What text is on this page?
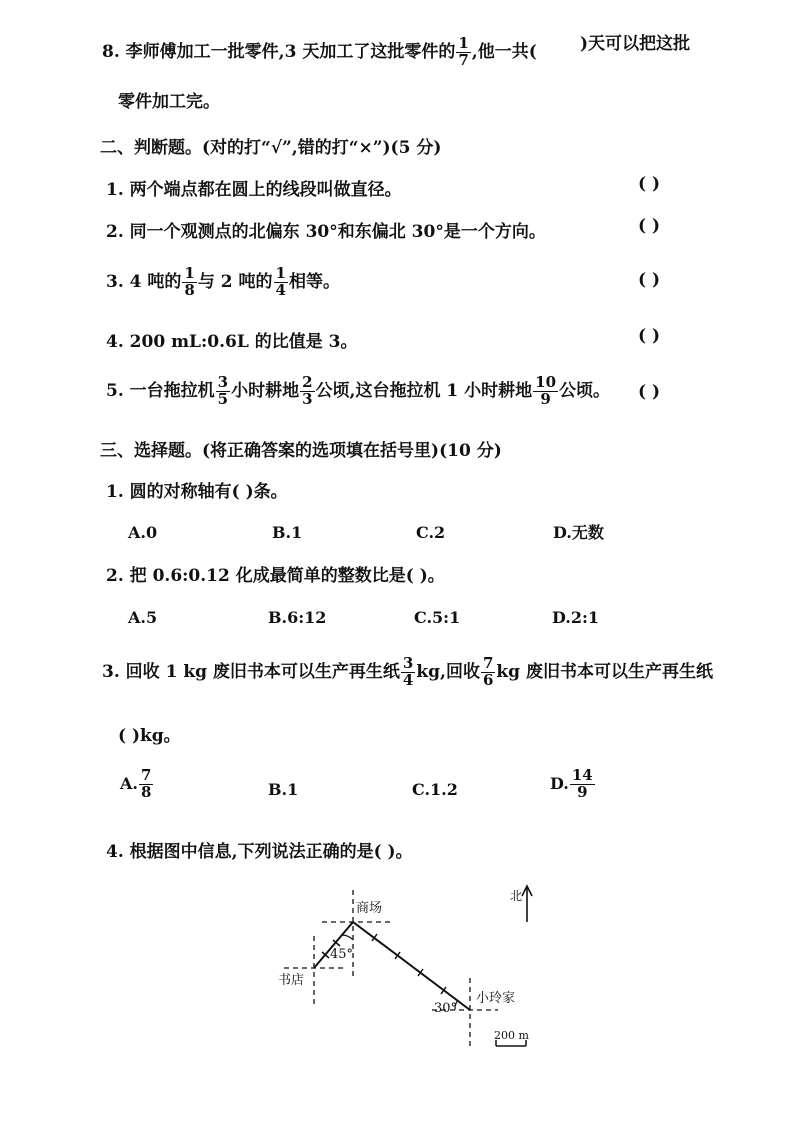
8. 李师傅加工一批零件,3 天加工了这批零件的 $\frac{1}{7}$ ,他一共(	)天可以把这批
零件加工完。
二、判断题。(对的打“√”,错的打“×”)(5 分)
1. 两个端点都在圆上的线段叫做直径。	( )
2. 同一个观测点的北偏东 30°和东偏北 30°是一个方向。	( )
3. 4 吨的 $\frac{1}{8}$ 与 2 吨的 $\frac{1}{4}$ 相等。	( )
4. 200 mL:0.6L 的比值是 3。	( )
5. 一台拖拉机 $\frac{3}{5}$ 小时耕地 $\frac{2}{3}$ 公顷,这台拖拉机 1 小时耕地 $\frac{10}{9}$ 公顷。 ( )
三、选择题。(将正确答案的选项填在括号里)(10 分)
1. 圆的对称轴有( )条。
A.0	B.1	C.2	D.无数
2. 把 0.6:0.12 化成最简单的整数比是( )。
A.5	B.6:12	C.5:1	D.2:1
3. 回收 1 kg 废旧书本可以生产再生纸 $\frac{3}{4}$ kg,回收 $\frac{7}{6}$ kg 废旧书本可以生产再生纸
( )kg。
A. $\frac{7}{8}$	B.1	C.1.2	D. $\frac{14}{9}$
4. 根据图中信息,下列说法正确的是( )。
北
商场
书店
小玲家
45°
30°
200 m
